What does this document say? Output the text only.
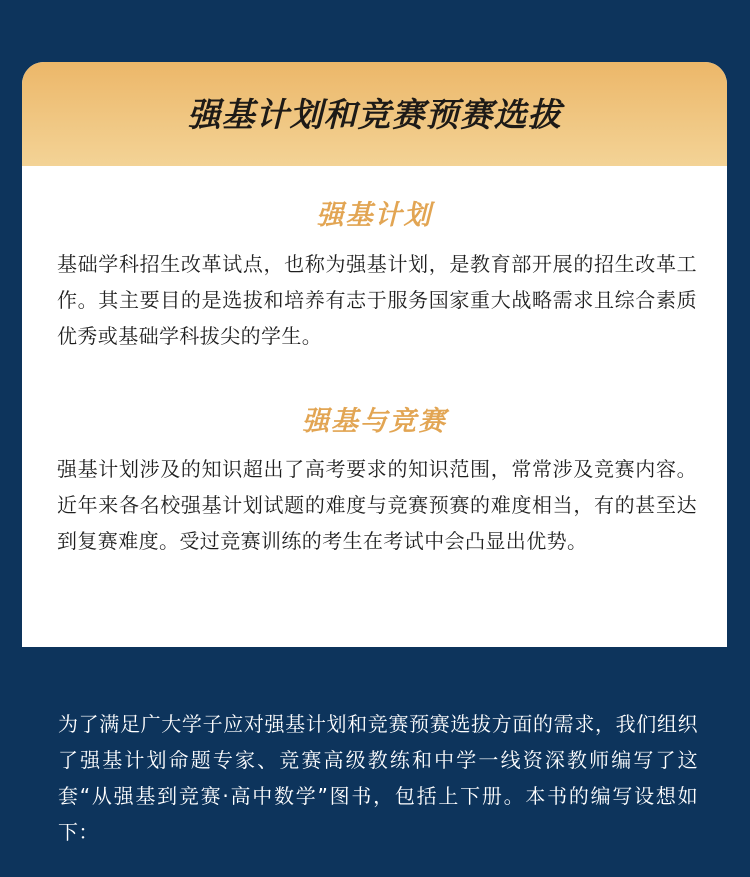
强基计划和竞赛预赛选拔
强基计划

基础学科招生改革试点，也称为强基计划，是教育部开展的招生改革工作。其主要目的是选拔和培养有志于服务国家重大战略需求且综合素质优秀或基础学科拔尖的学生。

强基与竞赛

强基计划涉及的知识超出了高考要求的知识范围，常常涉及竞赛内容。近年来各名校强基计划试题的难度与竞赛预赛的难度相当，有的甚至达到复赛难度。受过竞赛训练的考生在考试中会凸显出优势。

为了满足广大学子应对强基计划和竞赛预赛选拔方面的需求，我们组织了强基计划命题专家、竞赛高级教练和中学一线资深教师编写了这套“从强基到竞赛·高中数学”图书，包括上下册。本书的编写设想如下：
